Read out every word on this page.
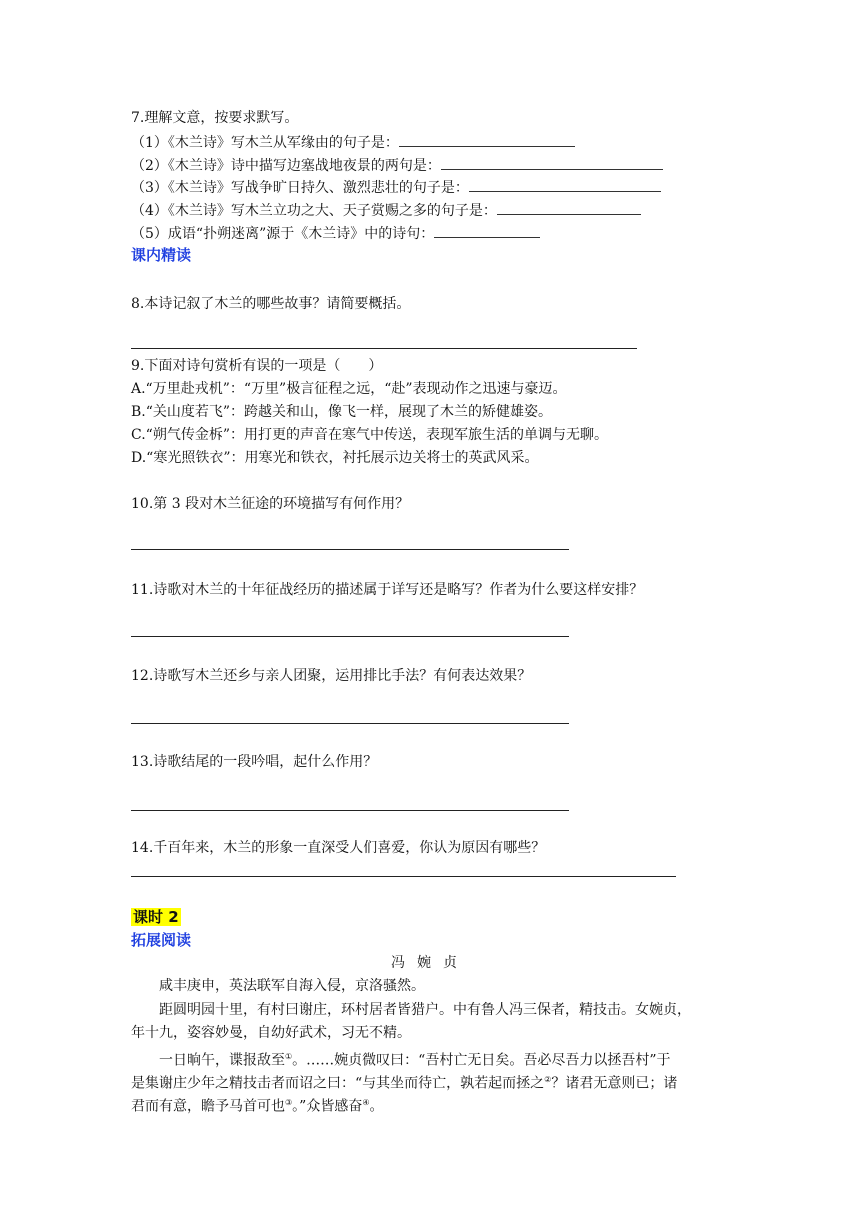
7.理解文意，按要求默写。
（1）《木兰诗》写木兰从军缘由的句子是：
（2）《木兰诗》诗中描写边塞战地夜景的两句是：
（3）《木兰诗》写战争旷日持久、激烈悲壮的句子是：
（4）《木兰诗》写木兰立功之大、天子赏赐之多的句子是：
（5）成语“扑朔迷离”源于《木兰诗》中的诗句：
课内精读
8.本诗记叙了木兰的哪些故事？请简要概括。
9.下面对诗句赏析有误的一项是（　　）
A.“万里赴戎机”：“万里”极言征程之远，“赴”表现动作之迅速与豪迈。
B.“关山度若飞”：跨越关和山，像飞一样，展现了木兰的矫健雄姿。
C.“朔气传金柝”：用打更的声音在寒气中传送，表现军旅生活的单调与无聊。
D.“寒光照铁衣”：用寒光和铁衣，衬托展示边关将士的英武风采。
10.第 3 段对木兰征途的环境描写有何作用？
11.诗歌对木兰的十年征战经历的描述属于详写还是略写？作者为什么要这样安排？
12.诗歌写木兰还乡与亲人团聚，运用排比手法？有何表达效果？
13.诗歌结尾的一段吟唱，起什么作用？
14.千百年来，木兰的形象一直深受人们喜爱，你认为原因有哪些？
课时 2
拓展阅读
冯婉贞
咸丰庚申，英法联军自海入侵，京洛骚然。
距圆明园十里，有村曰谢庄，环村居者皆猎户。中有鲁人冯三保者，精技击。女婉贞，
年十九，姿容妙曼，自幼好武术，习无不精。
一日晌午，谍报敌至①。……婉贞微叹曰：“吾村亡无日矣。吾必尽吾力以拯吾村”于
是集谢庄少年之精技击者而诏之曰：“与其坐而待亡，孰若起而拯之②？诸君无意则已；诸
君而有意，瞻予马首可也③。”众皆感奋④。
